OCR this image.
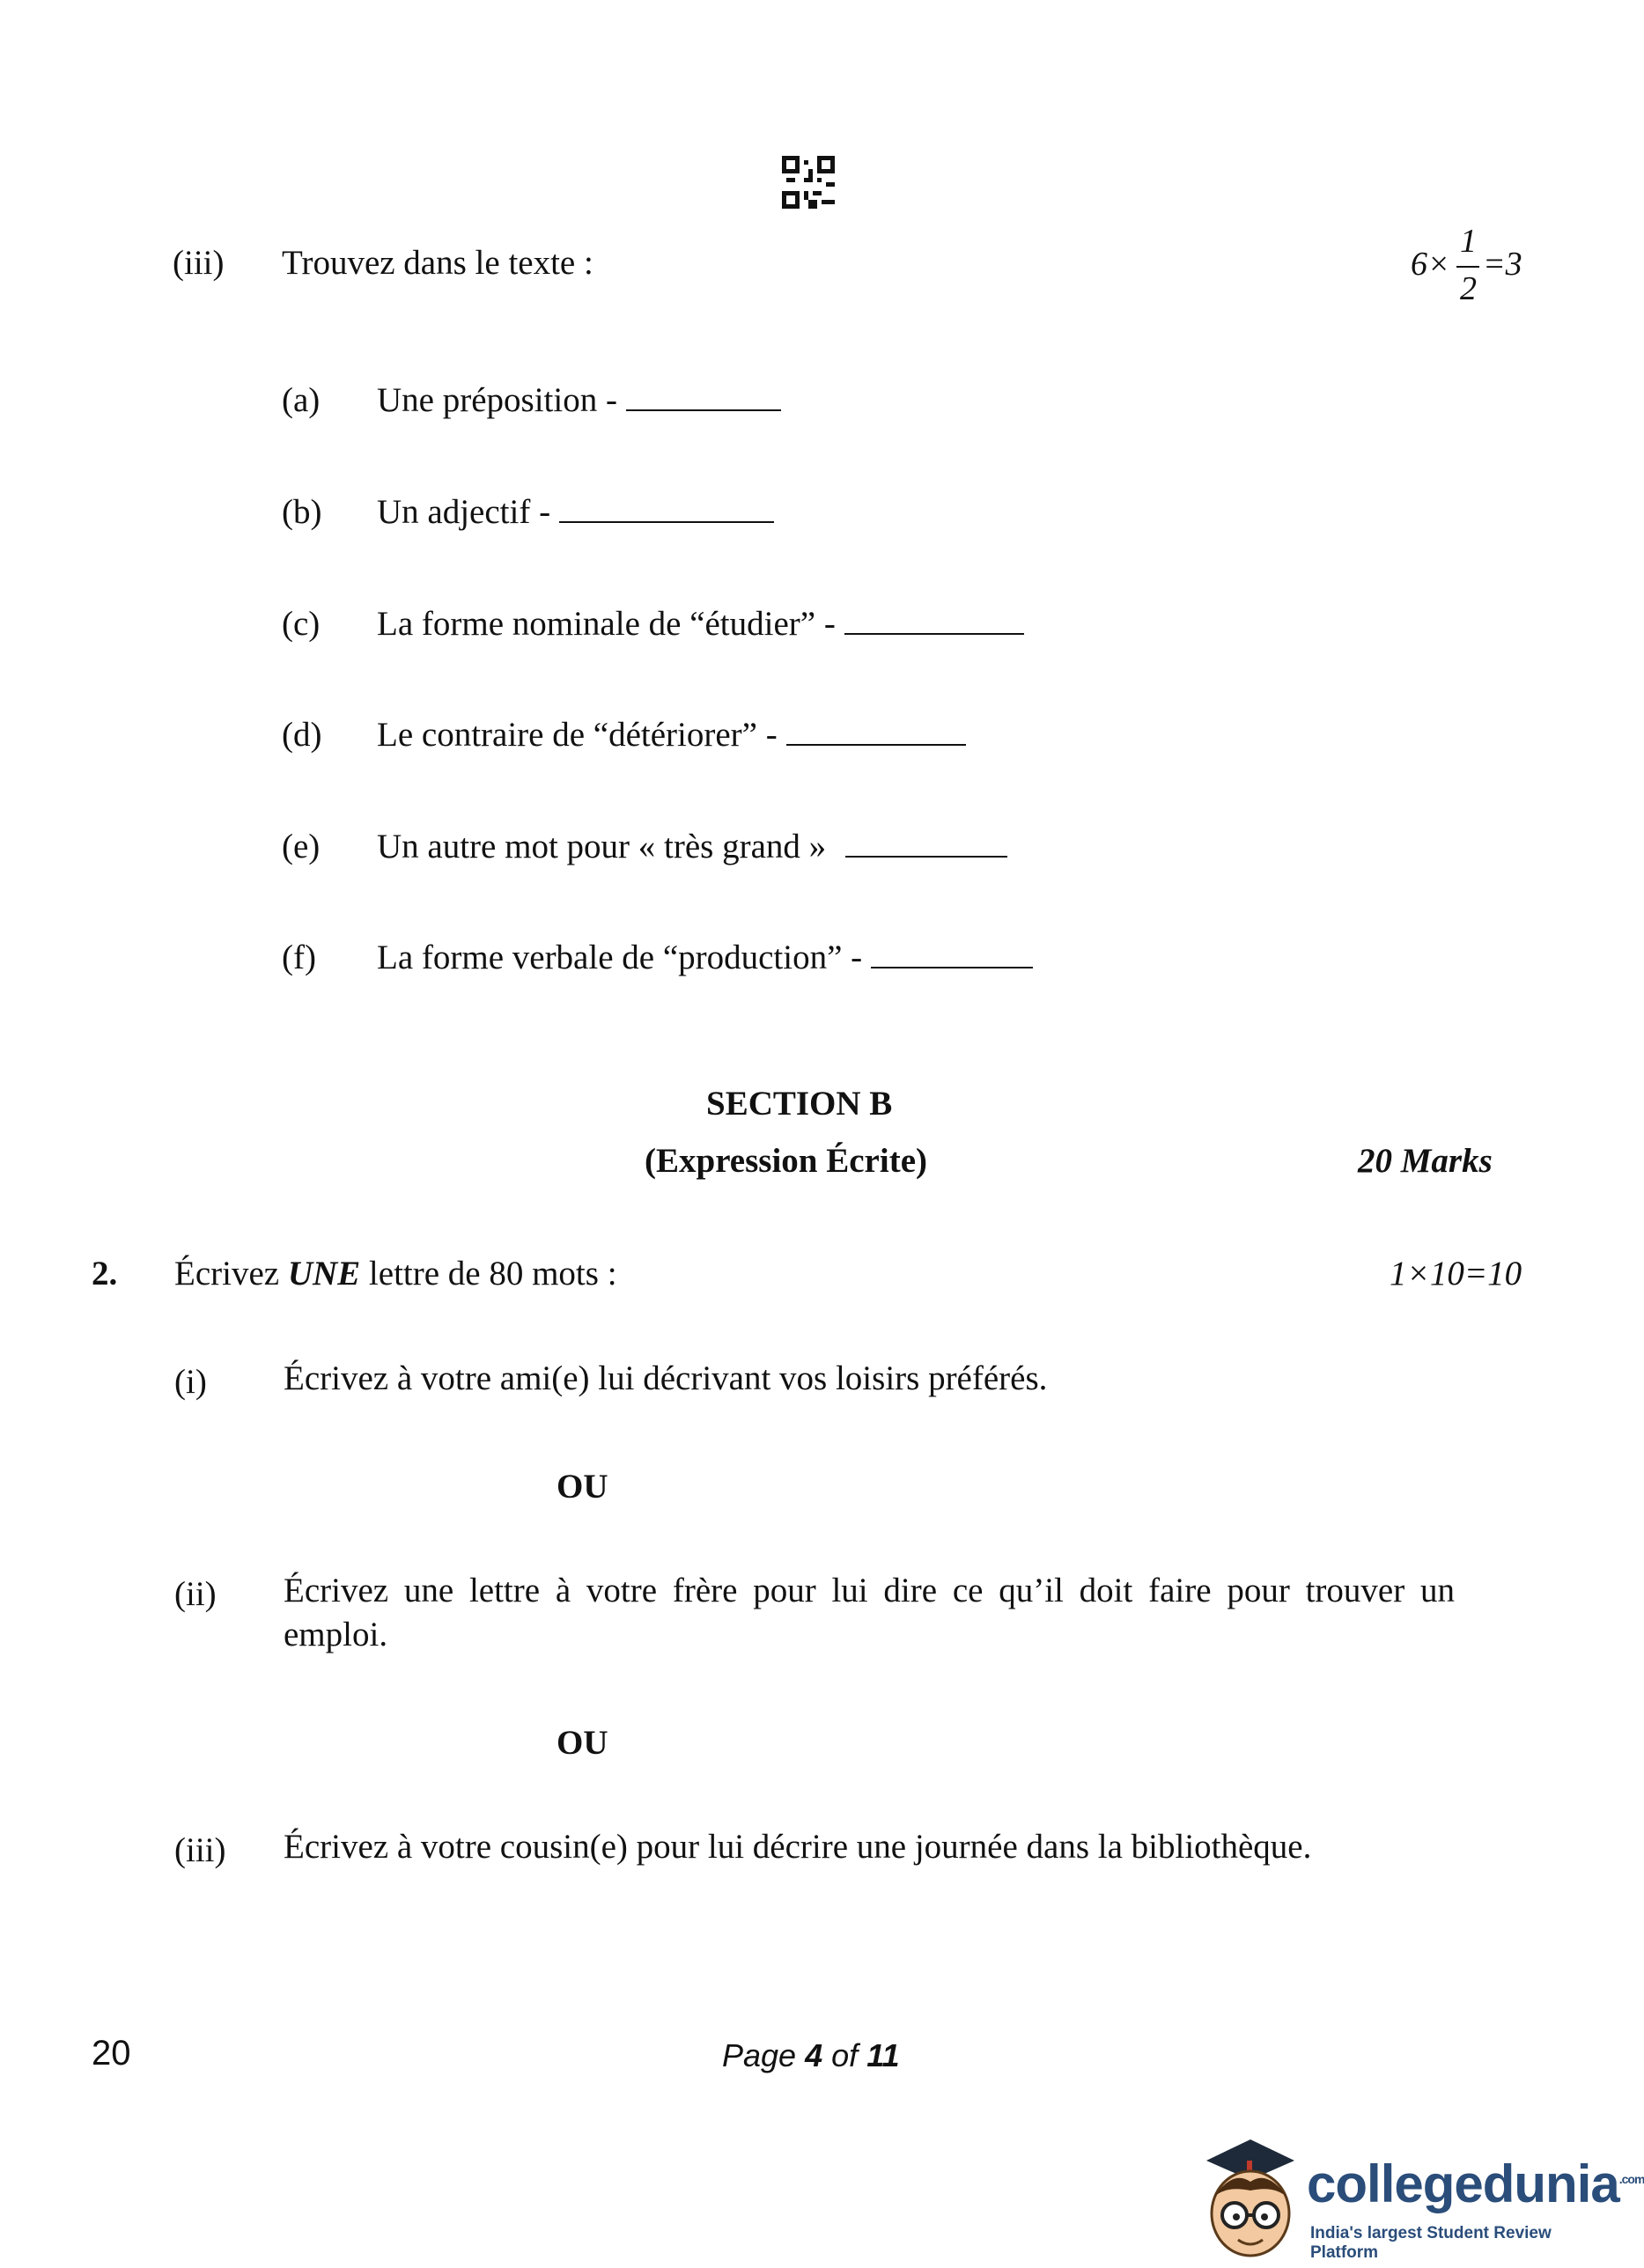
(iii) Trouvez dans le texte :	6×
1
2
=3
(a) Une préposition -
(b) Un adjectif -
(c) La forme nominale de “étudier” -
(d) Le contraire de “détériorer” -
(e) Un autre mot pour « très grand »
(f) La forme verbale de “production” -
SECTION B
(Expression Écrite)	20 Marks
2. Écrivez UNE lettre de 80 mots :	1×10=10
(i) Écrivez à votre ami(e) lui décrivant vos loisirs préférés.
OU
(ii) Écrivez une lettre à votre frère pour lui dire ce qu’il doit faire pour trouver un emploi.
OU
(iii) Écrivez à votre cousin(e) pour lui décrire une journée dans la bibliothèque.
20	Page 4 of 11
collegedunia$^{.com}$
India's largest Student Review Platform
